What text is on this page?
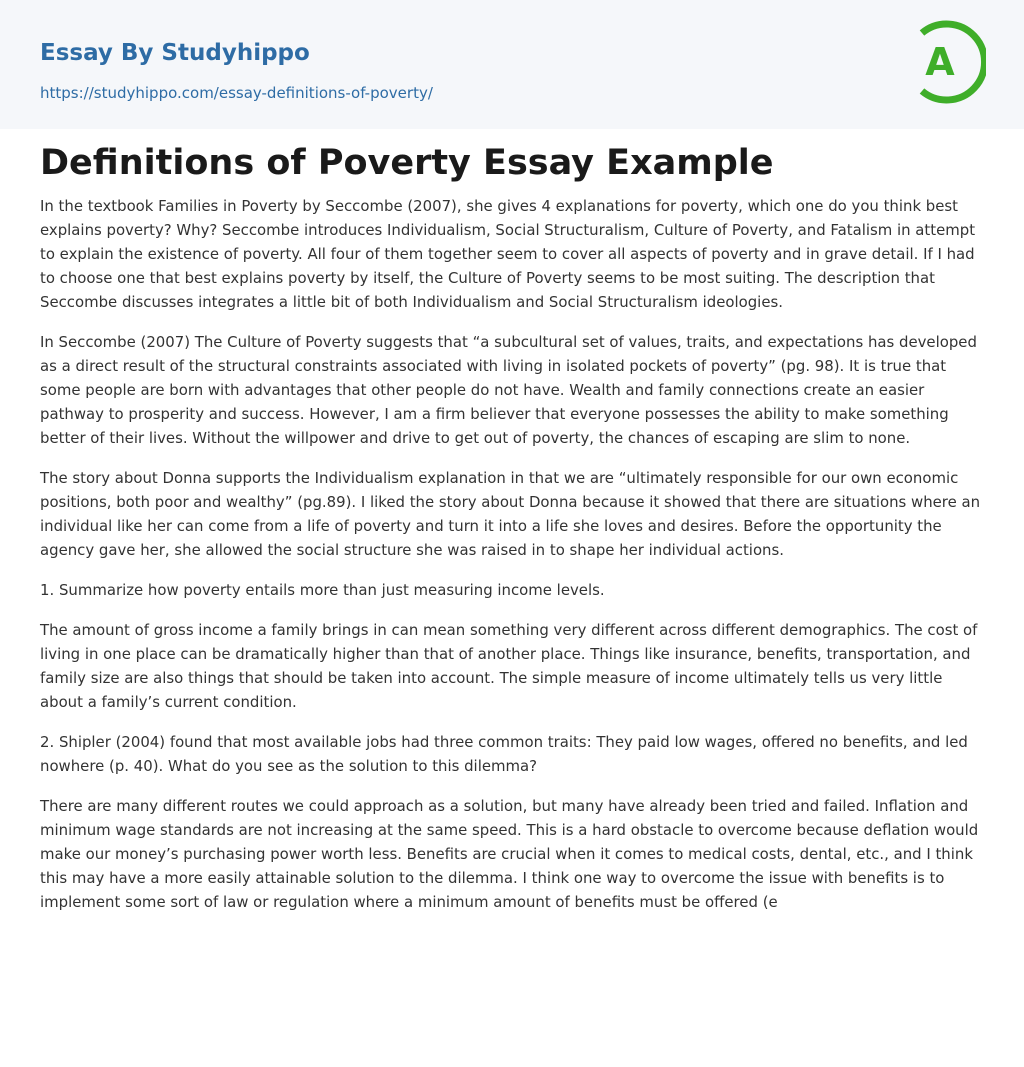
Essay By Studyhippo
https://studyhippo.com/essay-definitions-of-poverty/
A
Definitions of Poverty Essay Example

In the textbook Families in Poverty by Seccombe (2007), she gives 4 explanations for poverty, which one do you think best explains poverty? Why? Seccombe introduces Individualism, Social Structuralism, Culture of Poverty, and Fatalism in attempt to explain the existence of poverty. All four of them together seem to cover all aspects of poverty and in grave detail. If I had to choose one that best explains poverty by itself, the Culture of Poverty seems to be most suiting. The description that Seccombe discusses integrates a little bit of both Individualism and Social Structuralism ideologies.

In Seccombe (2007) The Culture of Poverty suggests that “a subcultural set of values, traits, and expectations has developed as a direct result of the structural constraints associated with living in isolated pockets of poverty” (pg. 98). It is true that some people are born with advantages that other people do not have. Wealth and family connections create an easier pathway to prosperity and success. However, I am a firm believer that everyone possesses the ability to make something better of their lives. Without the willpower and drive to get out of poverty, the chances of escaping are slim to none.

The story about Donna supports the Individualism explanation in that we are “ultimately responsible for our own economic positions, both poor and wealthy” (pg.89). I liked the story about Donna because it showed that there are situations where an individual like her can come from a life of poverty and turn it into a life she loves and desires. Before the opportunity the agency gave her, she allowed the social structure she was raised in to shape her individual actions.

1. Summarize how poverty entails more than just measuring income levels.

The amount of gross income a family brings in can mean something very different across different demographics. The cost of living in one place can be dramatically higher than that of another place. Things like insurance, benefits, transportation, and family size are also things that should be taken into account. The simple measure of income ultimately tells us very little about a family’s current condition.

2. Shipler (2004) found that most available jobs had three common traits: They paid low wages, offered no benefits, and led nowhere (p. 40). What do you see as the solution to this dilemma?

There are many different routes we could approach as a solution, but many have already been tried and failed. Inflation and minimum wage standards are not increasing at the same speed. This is a hard obstacle to overcome because deflation would make our money’s purchasing power worth less. Benefits are crucial when it comes to medical costs, dental, etc., and I think this may have a more easily attainable solution to the dilemma. I think one way to overcome the issue with benefits is to implement some sort of law or regulation where a minimum amount of benefits must be offered (e
